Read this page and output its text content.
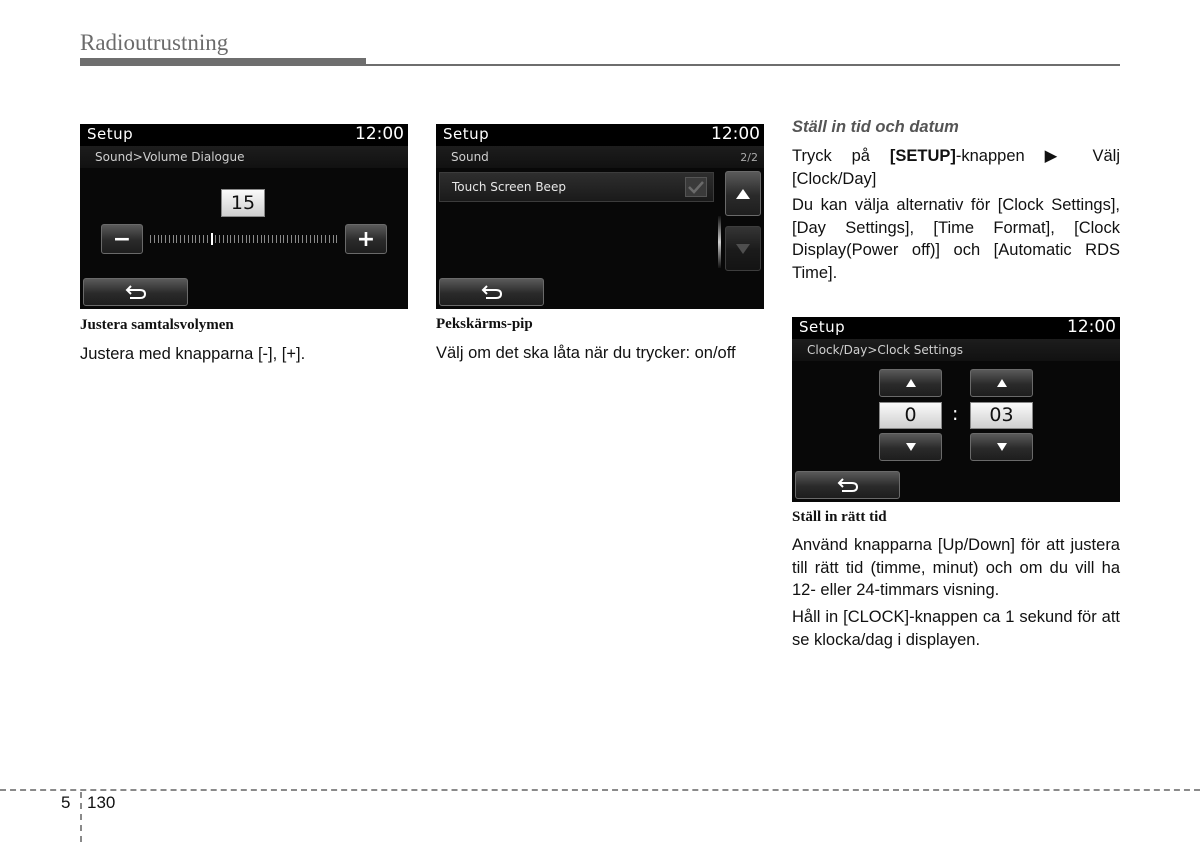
Radioutrustning
Setup	12:00
Sound>Volume Dialogue
15
−	+
Justera samtalsvolymen
Justera med knapparna [-], [+].
Setup	12:00
Sound	2/2
Touch Screen Beep
Pekskärms-pip
Välj om det ska låta när du trycker: on/off
Ställ in tid och datum
Tryck på [SETUP]-knappen ▶ Välj [Clock/Day]
Du kan välja alternativ för [Clock Settings], [Day Settings], [Time Format], [Clock Display(Power off)] och [Automatic RDS Time].
Setup	12:00
Clock/Day>Clock Settings
0	:	03
Ställ in rätt tid
Använd knapparna [Up/Down] för att justera till rätt tid (timme, minut) och om du vill ha 12- eller 24-timmars visning.
Håll in [CLOCK]-knappen ca 1 sekund för att se klocka/dag i displayen.
5 130
